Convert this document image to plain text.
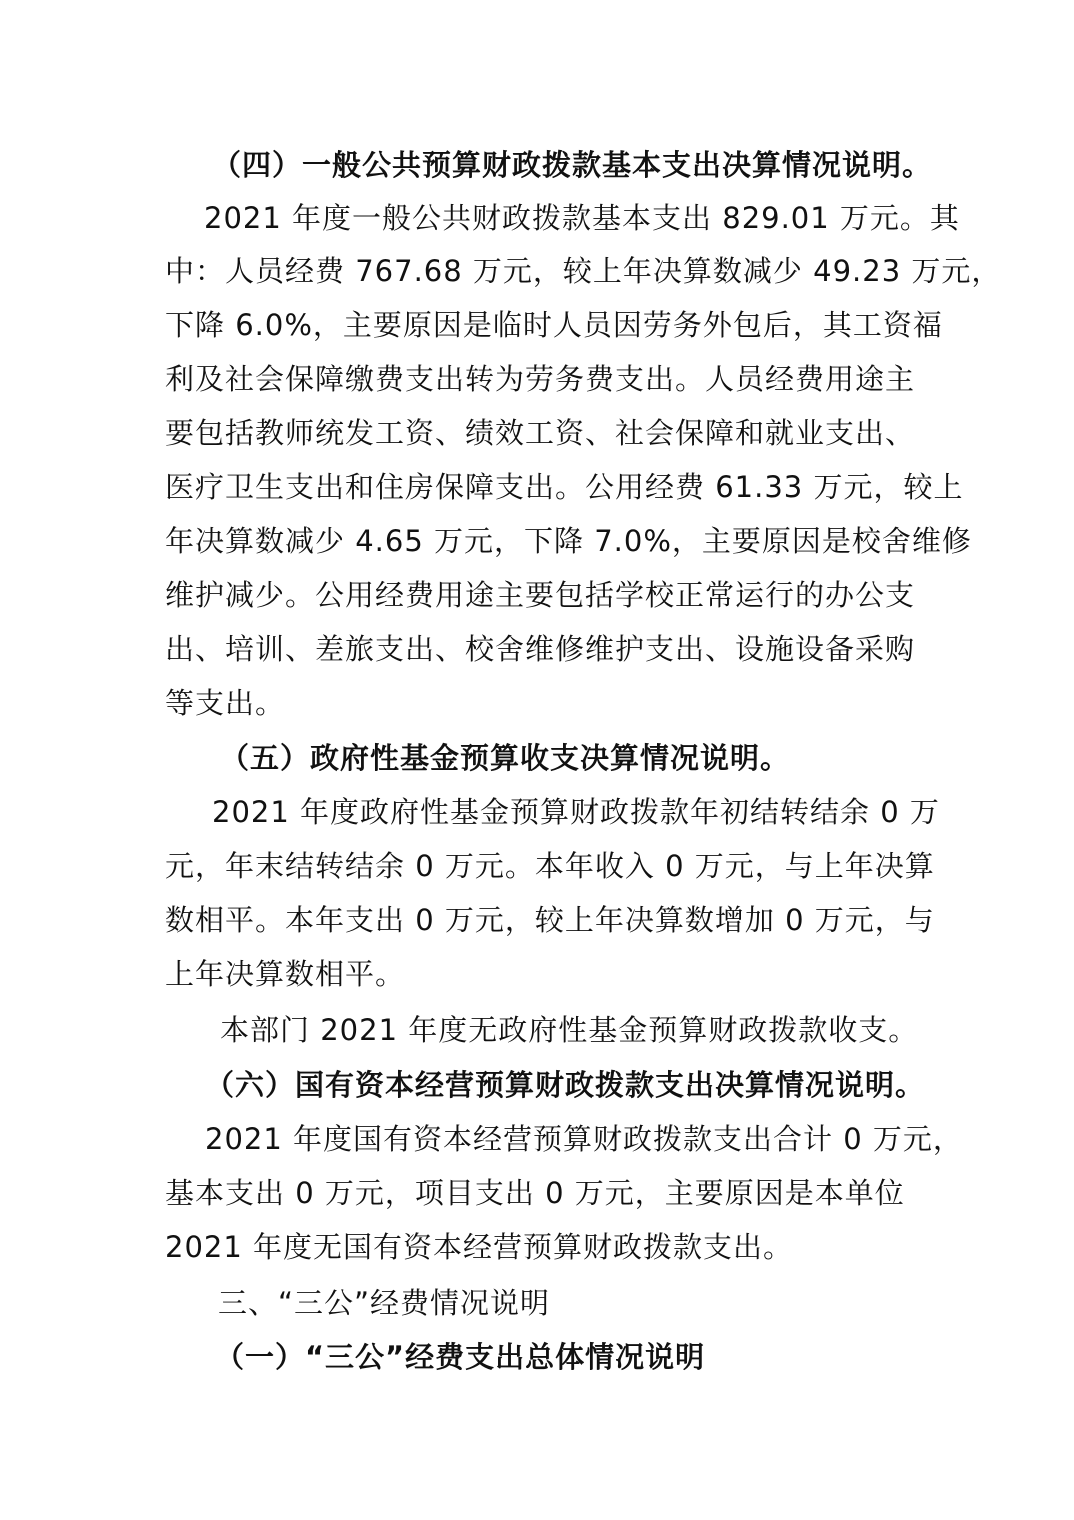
（四）一般公共预算财政拨款基本支出决算情况说明。
2021 年度一般公共财政拨款基本支出 829.01 万元。其
中：人员经费 767.68 万元，较上年决算数减少 49.23 万元，
下降 6.0%，主要原因是临时人员因劳务外包后，其工资福
利及社会保障缴费支出转为劳务费支出。人员经费用途主
要包括教师统发工资、绩效工资、社会保障和就业支出、
医疗卫生支出和住房保障支出。公用经费 61.33 万元，较上
年决算数减少 4.65 万元，下降 7.0%，主要原因是校舍维修
维护减少。公用经费用途主要包括学校正常运行的办公支
出、培训、差旅支出、校舍维修维护支出、设施设备采购
等支出。
（五）政府性基金预算收支决算情况说明。
2021 年度政府性基金预算财政拨款年初结转结余 0 万
元，年末结转结余 0 万元。本年收入 0 万元，与上年决算
数相平。本年支出 0 万元，较上年决算数增加 0 万元，与
上年决算数相平。
本部门 2021 年度无政府性基金预算财政拨款收支。
（六）国有资本经营预算财政拨款支出决算情况说明。
2021 年度国有资本经营预算财政拨款支出合计 0 万元，
基本支出 0 万元，项目支出 0 万元，主要原因是本单位
2021 年度无国有资本经营预算财政拨款支出。
三、“三公”经费情况说明
（一）“三公”经费支出总体情况说明
